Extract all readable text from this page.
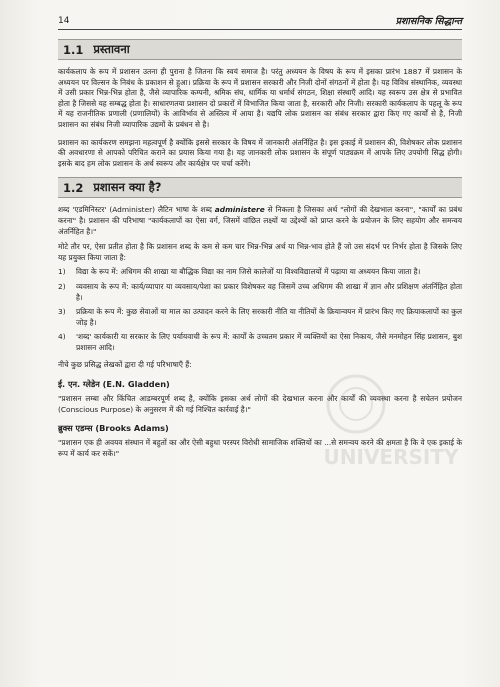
14	प्रशासनिक सिद्धान्त
1.1 प्रस्तावना

कार्यकलाप के रूप में प्रशासन उतना ही पुराना है जितना कि स्वयं समाज है। परंतु अध्ययन के विषय के रूप में इसका प्रारंभ 1887 में प्रशासन के अध्ययन पर विल्सन के निबंध के प्रकाशन से हुआ। प्रक्रिया के रूप में प्रशासन सरकारी और निजी दोनों संगठनों में होता है। यह विविध संस्थानिक, व्यवस्था में उसी प्रकार भिन्न-भिन्न होता है, जैसे व्यापारिक कम्पनी, श्रमिक संघ, धार्मिक या धर्मार्थ संगठन, शिक्षा संस्थाएँ आदि। यह स्वरूप उस क्षेत्र से प्रभावित होता है जिससे यह सम्बद्ध होता है। साधारणतया प्रशासन दो प्रकारों में विभाजित किया जाता है, सरकारी और निजी। सरकारी कार्यकलाप के पहलू के रूप में यह राजनीतिक प्रणाली (प्रणालियों) के आविर्भाव से अस्तित्व में आया है। यद्यपि लोक प्रशासन का संबंध सरकार द्वारा किए गए कार्यों से है, निजी प्रशासन का संबंध निजी व्यापारिक उद्यमों के प्रबंधन से है।

प्रशासन का कार्यकरण समझना महत्वपूर्ण है क्योंकि इससे सरकार के विषय में जानकारी अंतर्निहित है। इस इकाई में प्रशासन की, विशेषकर लोक प्रशासन की अवधारणा से आपको परिचित कराने का प्रयास किया गया है। यह जानकारी लोक प्रशासन के संपूर्ण पाठ्यक्रम में आपके लिए उपयोगी सिद्ध होगी। इसके बाद हम लोक प्रशासन के अर्थ स्वरूप और कार्यक्षेत्र पर चर्चा करेंगे।

1.2 प्रशासन क्या है?

शब्द 'एडमिनिस्टर' (Administer) लैटिन भाषा के शब्द administere से निकला है जिसका अर्थ "लोगों की देखभाल करना", "कार्यों का प्रबंध करना" है। प्रशासन की परिभाषा "कार्यकलापों का ऐसा वर्ग, जिसमें वांछित लक्ष्यों या उद्देश्यों को प्राप्त करने के प्रयोजन के लिए सहयोग और समन्वय अंतर्निहित है।"

मोटे तौर पर, ऐसा प्रतीत होता है कि प्रशासन शब्द के कम से कम चार भिन्न-भिन्न अर्थ या भिन्न-भाव होते हैं जो उस संदर्भ पर निर्भर होता है जिसके लिए यह प्रयुक्त किया जाता है:

1)	विद्या के रूप में: अधिगम की शाखा या बौद्धिक विद्या का नाम जिसे कालेजों या विश्वविद्यालयों में पढ़ाया या अध्ययन किया जाता है।
2)	व्यवसाय के रूप में: कार्य/व्यापार या व्यवसाय/पेशा का प्रकार विशेषकर वह जिसमें उच्च अधिगम की शाखा में ज्ञान और प्रशिक्षण अंतर्निहित होता है।
3)	प्रक्रिया के रूप में: कुछ सेवाओं या माल का उत्पादन करने के लिए सरकारी नीति या नीतियों के क्रियान्वयन में प्रारंभ किए गए क्रियाकलापों का कुल जोड़ है।
4)	'शब्द' कार्यकारी या सरकार के लिए पर्यायवाची के रूप में: कार्यों के उच्चतम प्रकार में व्यक्तियों का ऐसा निकाय, जैसे मनमोहन सिंह प्रशासन, बुश प्रशासन आदि।

नीचे कुछ प्रसिद्ध लेखकों द्वारा दी गई परिभाषाएँ हैं:

ई. एन. ग्लेडेन (E.N. Gladden)

"प्रशासन लम्बा और किंचित आडम्बरपूर्ण शब्द है, क्योंकि इसका अर्थ लोगों की देखभाल करना और कार्यों की व्यवस्था करना है सचेतन प्रयोजन (Conscious Purpose) के अनुसरण में की गई निश्चित कार्रवाई है।"

ब्रुक्स एडम्स (Brooks Adams)

"प्रशासन एक ही अवयव संस्थान में बहुतों का और ऐसी बहुधा परस्पर विरोधी सामाजिक शक्तियों का ...से समन्वय करने की क्षमता है कि वे एक इकाई के रूप में कार्य कर सकें।"	UNIVERSITY
